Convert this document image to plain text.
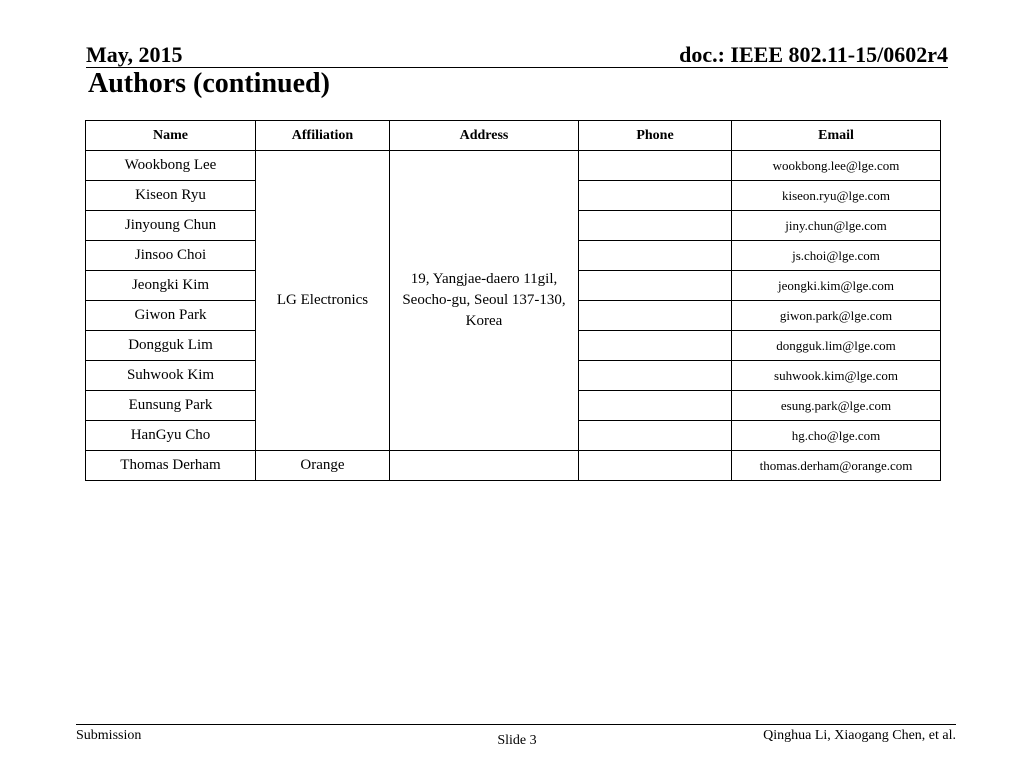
May, 2015	doc.: IEEE 802.11-15/0602r4
Authors (continued)
Name	Affiliation	Address	Phone	Email
Wookbong Lee	LG Electronics	19, Yangjae-daero 11gil, Seocho-gu, Seoul 137-130, Korea		wookbong.lee@lge.com
Kiseon Ryu				kiseon.ryu@lge.com
Jinyoung Chun				jiny.chun@lge.com
Jinsoo Choi				js.choi@lge.com
Jeongki Kim				jeongki.kim@lge.com
Giwon Park				giwon.park@lge.com
Dongguk Lim				dongguk.lim@lge.com
Suhwook Kim				suhwook.kim@lge.com
Eunsung Park				esung.park@lge.com
HanGyu Cho				hg.cho@lge.com
Thomas Derham	Orange			thomas.derham@orange.com
Submission	Slide 3	Qinghua Li, Xiaogang Chen, et al.
